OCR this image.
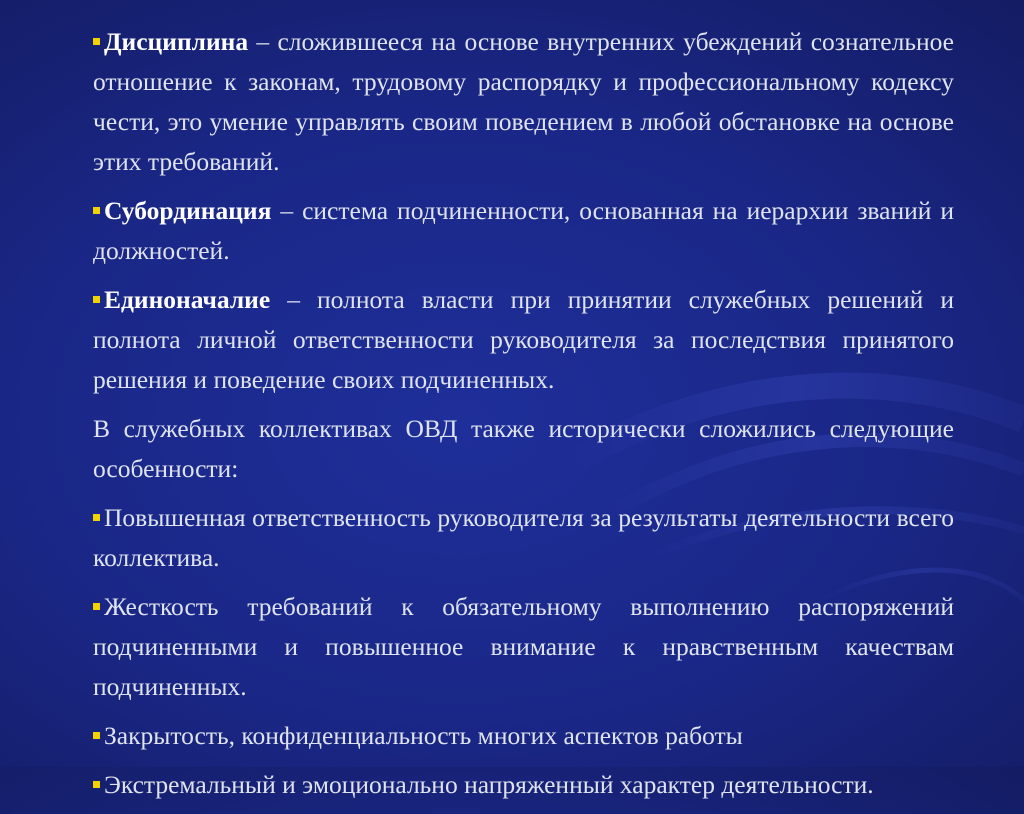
Дисциплина – сложившееся на основе внутренних убеждений сознательное отношение к законам, трудовому распорядку и профессиональному кодексу чести, это умение управлять своим поведением в любой обстановке на основе этих требований.

Субординация – система подчиненности, основанная на иерархии званий и должностей.

Единоначалие – полнота власти при принятии служебных решений и полнота личной ответственности руководителя за последствия принятого решения и поведение своих подчиненных.

В служебных коллективах ОВД также исторически сложились следующие особенности:

Повышенная ответственность руководителя за результаты деятельности всего коллектива.

Жесткость требований к обязательному выполнению распоряжений подчиненными и повышенное внимание к нравственным качествам подчиненных.

Закрытость, конфиденциальность многих аспектов работы

Экстремальный и эмоционально напряженный характер деятельности.
